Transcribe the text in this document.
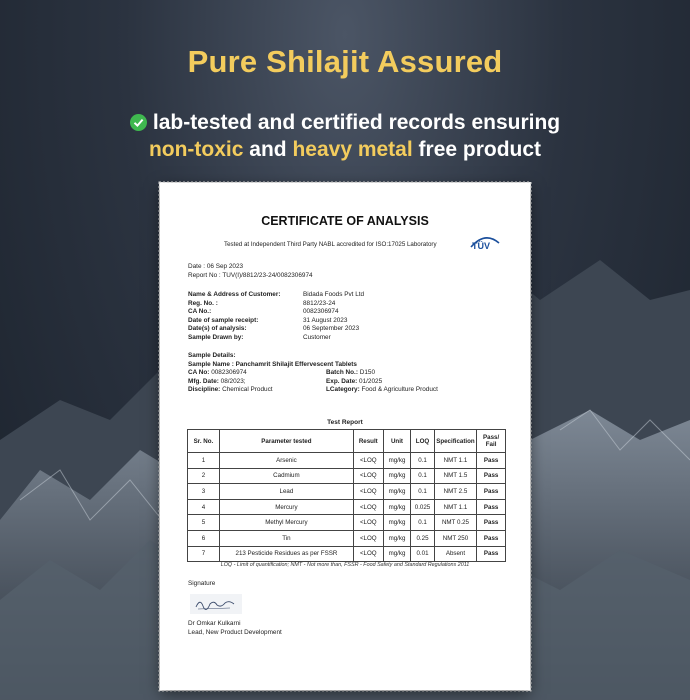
Pure Shilajit Assured
lab-tested and certified records ensuring
non-toxic and heavy metal free product
CERTIFICATE OF ANALYSIS
Tested at Independent Third Party NABL accredited for ISO:17025 Laboratory	TÜV
Date : 06 Sep 2023
Report No : TUV(I)/8812/23-24/0082306974
Name & Address of Customer:	Bidada Foods Pvt Ltd
Reg. No. :	8812/23-24
CA No.:	0082306974
Date of sample receipt:	31 August 2023
Date(s) of analysis:	06 September 2023
Sample Drawn by:	Customer
Sample Details:
Sample Name : Panchamrit Shilajit Effervescent Tablets
CA No: 0082306974	Batch No.: D150
Mfg. Date: 08/2023;	Exp. Date: 01/2025
Discipline: Chemical Product	LCategory: Food & Agriculture Product
Test Report
Sr. No.	Parameter tested	Result	Unit	LOQ	Specification	Pass/ Fail
1	Arsenic	<LOQ	mg/kg	0.1	NMT 1.1	Pass
2	Cadmium	<LOQ	mg/kg	0.1	NMT 1.5	Pass
3	Lead	<LOQ	mg/kg	0.1	NMT 2.5	Pass
4	Mercury	<LOQ	mg/kg	0.025	NMT 1.1	Pass
5	Methyl Mercury	<LOQ	mg/kg	0.1	NMT 0.25	Pass
6	Tin	<LOQ	mg/kg	0.25	NMT 250	Pass
7	213 Pesticide Residues as per FSSR	<LOQ	mg/kg	0.01	Absent	Pass
LOQ - Limit of quantification; NMT - Not more than, FSSR - Food Safety and Standard Regulations 2011
Signature
Dr Omkar Kulkarni
Lead, New Product Development
